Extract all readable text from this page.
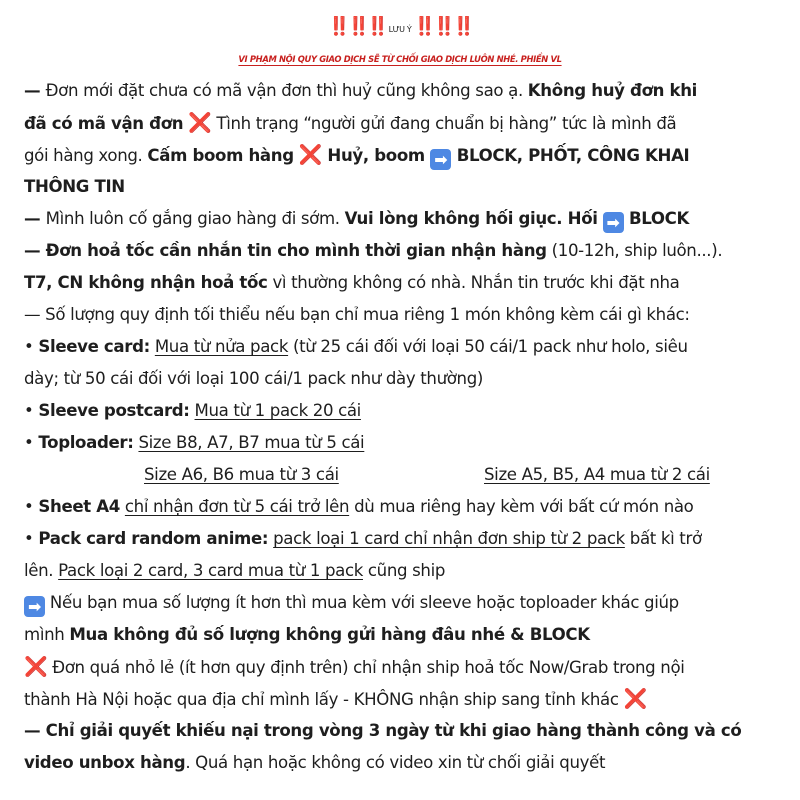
‼️‼️‼️ LƯU Ý ‼️‼️‼️
VI PHẠM NỘI QUY GIAO DỊCH SẼ TỪ CHỐI GIAO DỊCH LUÔN NHÉ. PHIỀN VL
— Đơn mới đặt chưa có mã vận đơn thì huỷ cũng không sao ạ. Không huỷ đơn khi
đã có mã vận đơn ❌ Tình trạng “người gửi đang chuẩn bị hàng” tức là mình đã
gói hàng xong. Cấm boom hàng ❌ Huỷ, boom ➡ BLOCK, PHỐT, CÔNG KHAI
THÔNG TIN
— Mình luôn cố gắng giao hàng đi sớm. Vui lòng không hối giục. Hối ➡ BLOCK
— Đơn hoả tốc cần nhắn tin cho mình thời gian nhận hàng (10-12h, ship luôn...).
T7, CN không nhận hoả tốc vì thường không có nhà. Nhắn tin trước khi đặt nha
— Số lượng quy định tối thiểu nếu bạn chỉ mua riêng 1 món không kèm cái gì khác:
• Sleeve card: Mua từ nửa pack (từ 25 cái đối với loại 50 cái/1 pack như holo, siêu
dày; từ 50 cái đối với loại 100 cái/1 pack như dày thường)
• Sleeve postcard: Mua từ 1 pack 20 cái
• Toploader: Size B8, A7, B7 mua từ 5 cái
Size A6, B6 mua từ 3 cái	Size A5, B5, A4 mua từ 2 cái
• Sheet A4 chỉ nhận đơn từ 5 cái trở lên dù mua riêng hay kèm với bất cứ món nào
• Pack card random anime: pack loại 1 card chỉ nhận đơn ship từ 2 pack bất kì trở
lên. Pack loại 2 card, 3 card mua từ 1 pack cũng ship
➡ Nếu bạn mua số lượng ít hơn thì mua kèm với sleeve hoặc toploader khác giúp
mình Mua không đủ số lượng không gửi hàng đâu nhé & BLOCK
❌ Đơn quá nhỏ lẻ (ít hơn quy định trên) chỉ nhận ship hoả tốc Now/Grab trong nội
thành Hà Nội hoặc qua địa chỉ mình lấy - KHÔNG nhận ship sang tỉnh khác ❌
— Chỉ giải quyết khiếu nại trong vòng 3 ngày từ khi giao hàng thành công và có
video unbox hàng. Quá hạn hoặc không có video xin từ chối giải quyết
